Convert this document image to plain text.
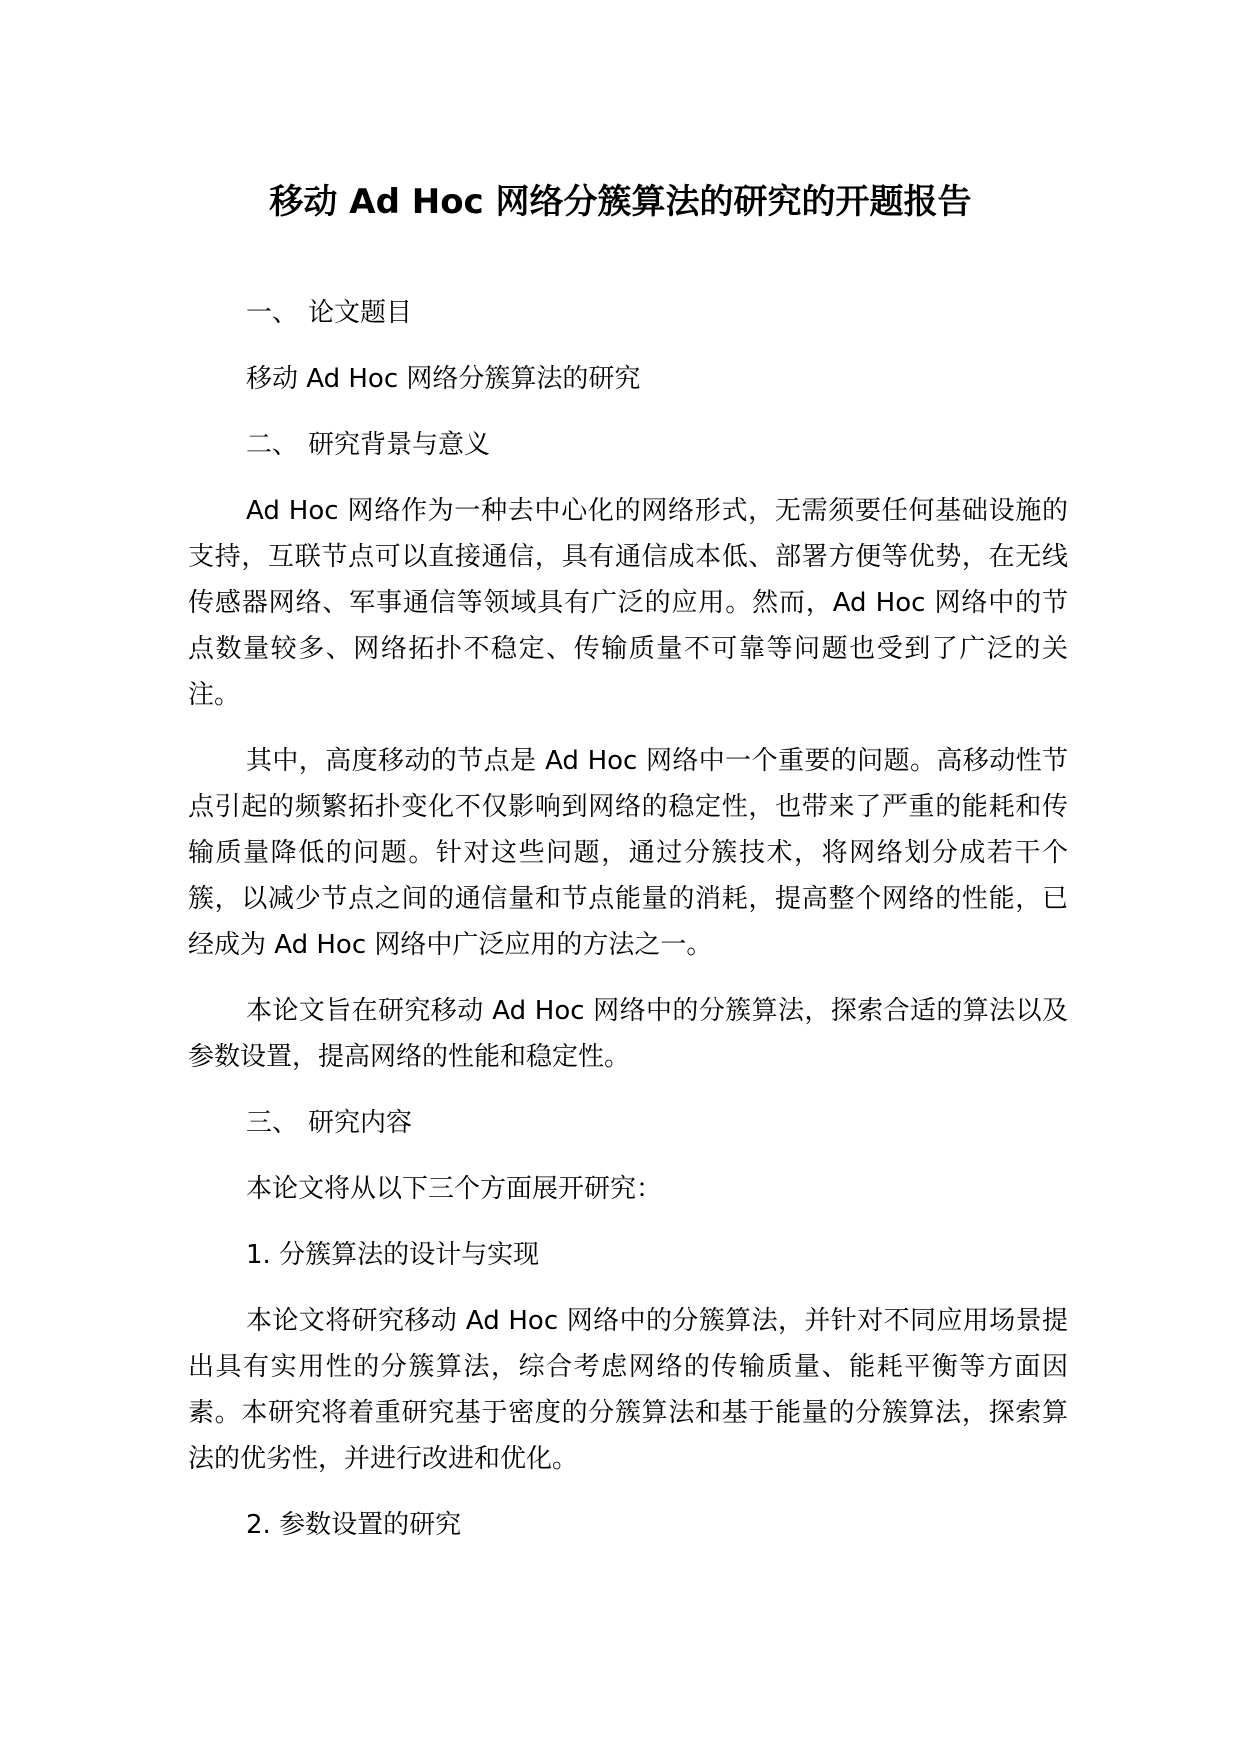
移动 Ad Hoc 网络分簇算法的研究的开题报告

一、 论文题目

移动 Ad Hoc 网络分簇算法的研究

二、 研究背景与意义

Ad Hoc 网络作为一种去中心化的网络形式，无需须要任何基础设施的支持，互联节点可以直接通信，具有通信成本低、部署方便等优势，在无线传感器网络、军事通信等领域具有广泛的应用。然而，Ad Hoc 网络中的节点数量较多、网络拓扑不稳定、传输质量不可靠等问题也受到了广泛的关注。

其中，高度移动的节点是 Ad Hoc 网络中一个重要的问题。高移动性节点引起的频繁拓扑变化不仅影响到网络的稳定性，也带来了严重的能耗和传输质量降低的问题。针对这些问题，通过分簇技术，将网络划分成若干个簇，以减少节点之间的通信量和节点能量的消耗，提高整个网络的性能，已经成为 Ad Hoc 网络中广泛应用的方法之一。

本论文旨在研究移动 Ad Hoc 网络中的分簇算法，探索合适的算法以及参数设置，提高网络的性能和稳定性。

三、 研究内容

本论文将从以下三个方面展开研究：

1. 分簇算法的设计与实现

本论文将研究移动 Ad Hoc 网络中的分簇算法，并针对不同应用场景提出具有实用性的分簇算法，综合考虑网络的传输质量、能耗平衡等方面因素。本研究将着重研究基于密度的分簇算法和基于能量的分簇算法，探索算法的优劣性，并进行改进和优化。

2. 参数设置的研究
